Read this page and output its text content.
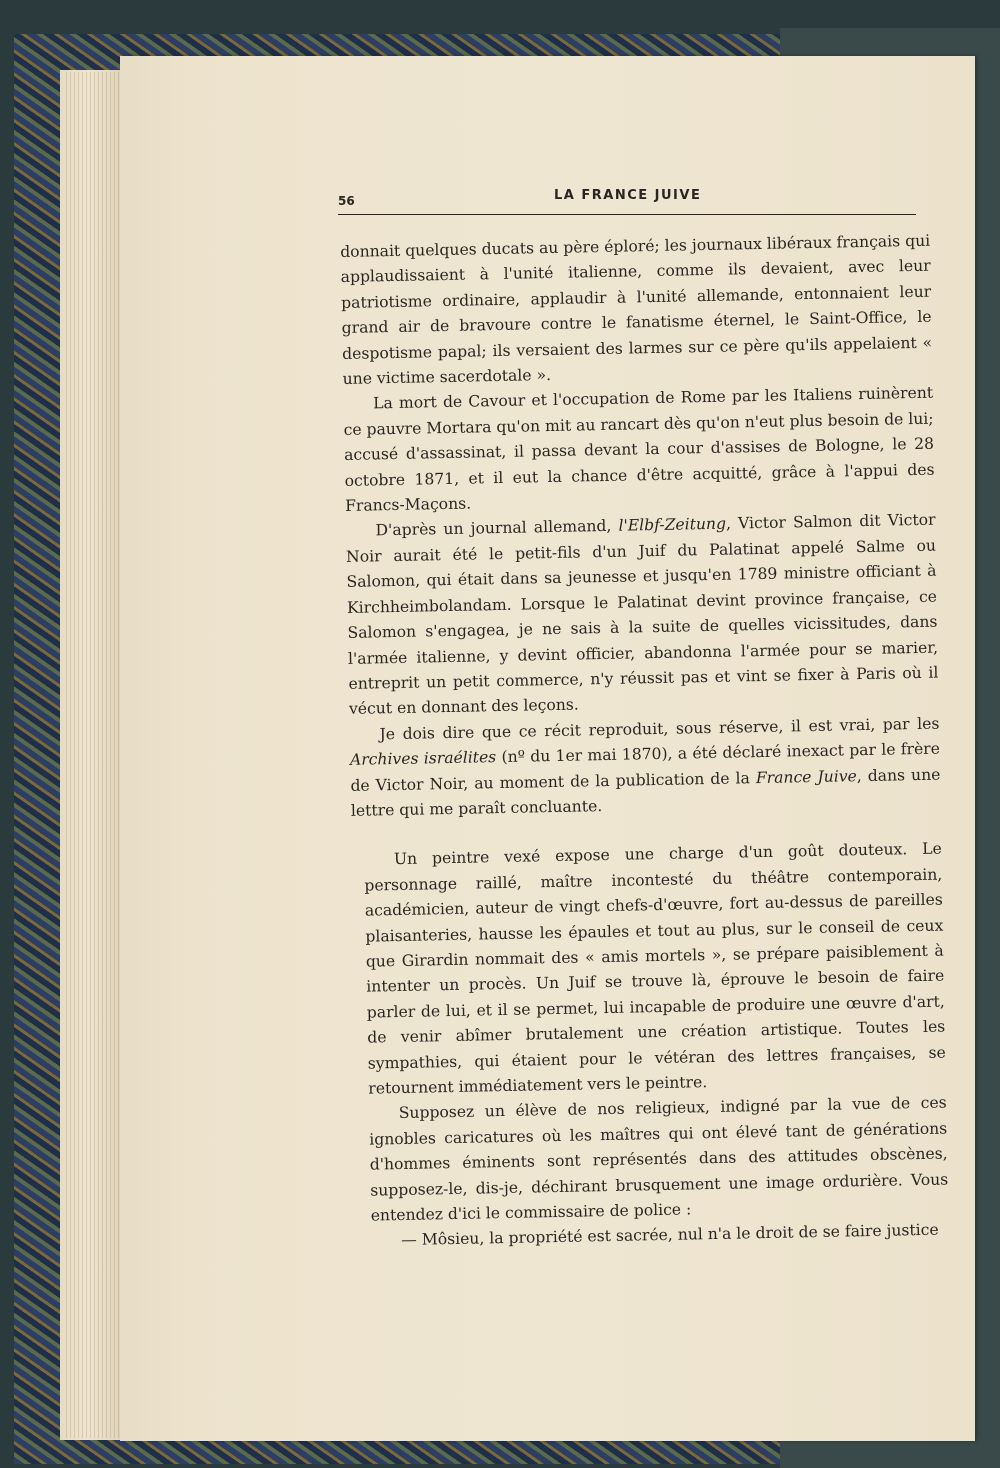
56	LA FRANCE JUIVE

donnait quelques ducats au père éploré; les journaux libéraux français qui applaudissaient à l'unité italienne, comme ils devaient, avec leur patriotisme ordinaire, applaudir à l'unité allemande, entonnaient leur grand air de bravoure contre le fanatisme éternel, le Saint-Office, le despotisme papal; ils versaient des larmes sur ce père qu'ils appelaient « une victime sacerdotale ».

La mort de Cavour et l'occupation de Rome par les Italiens ruinèrent ce pauvre Mortara qu'on mit au rancart dès qu'on n'eut plus besoin de lui; accusé d'assassinat, il passa devant la cour d'assises de Bologne, le 28 octobre 1871, et il eut la chance d'être acquitté, grâce à l'appui des Francs-Maçons.

D'après un journal allemand, l'Elbf-Zeitung, Victor Salmon dit Victor Noir aurait été le petit-fils d'un Juif du Palatinat appelé Salme ou Salomon, qui était dans sa jeunesse et jusqu'en 1789 ministre officiant à Kirchheimbolandam. Lorsque le Palatinat devint province française, ce Salomon s'engagea, je ne sais à la suite de quelles vicissitudes, dans l'armée italienne, y devint officier, abandonna l'armée pour se marier, entreprit un petit commerce, n'y réussit pas et vint se fixer à Paris où il vécut en donnant des leçons.

Je dois dire que ce récit reproduit, sous réserve, il est vrai, par les Archives israélites (nº du 1er mai 1870), a été déclaré inexact par le frère de Victor Noir, au moment de la publication de la France Juive, dans une lettre qui me paraît concluante.

Un peintre vexé expose une charge d'un goût douteux. Le personnage raillé, maître incontesté du théâtre contemporain, académicien, auteur de vingt chefs-d'œuvre, fort au-dessus de pareilles plaisanteries, hausse les épaules et tout au plus, sur le conseil de ceux que Girardin nommait des « amis mortels », se prépare paisiblement à intenter un procès. Un Juif se trouve là, éprouve le besoin de faire parler de lui, et il se permet, lui incapable de produire une œuvre d'art, de venir abîmer brutalement une création artistique. Toutes les sympathies, qui étaient pour le vétéran des lettres françaises, se retournent immédiatement vers le peintre.

Supposez un élève de nos religieux, indigné par la vue de ces ignobles caricatures où les maîtres qui ont élevé tant de générations d'hommes éminents sont représentés dans des attitudes obscènes, supposez-le, dis-je, déchirant brusquement une image ordurière. Vous entendez d'ici le commissaire de police :

— Môsieu, la propriété est sacrée, nul n'a le droit de se faire justice
